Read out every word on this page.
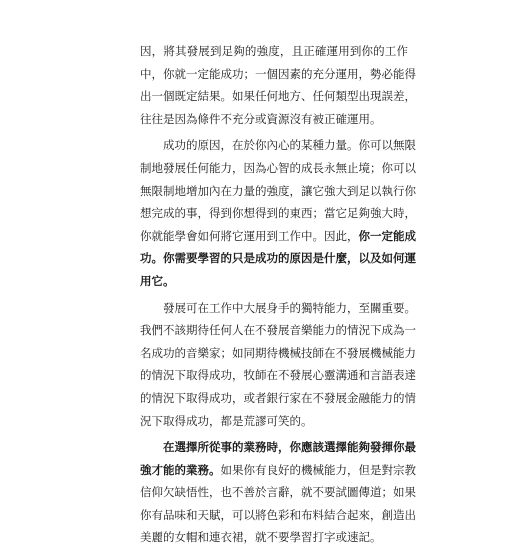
因，將其發展到足夠的強度，且正確運用到你的工作
中，你就一定能成功；一個因素的充分運用，勢必能得
出一個既定結果。如果任何地方、任何類型出現誤差，
往往是因為條件不充分或資源沒有被正確運用。
成功的原因，在於你內心的某種力量。你可以無限
制地發展任何能力，因為心智的成長永無止境；你可以
無限制地增加內在力量的強度，讓它強大到足以執行你
想完成的事，得到你想得到的東西；當它足夠強大時，
你就能學會如何將它運用到工作中。因此，你一定能成
功。你需要學習的只是成功的原因是什麼，以及如何運
用它。
發展可在工作中大展身手的獨特能力，至關重要。
我們不該期待任何人在不發展音樂能力的情況下成為一
名成功的音樂家；如同期待機械技師在不發展機械能力
的情況下取得成功，牧師在不發展心靈溝通和言語表達
的情況下取得成功，或者銀行家在不發展金融能力的情
況下取得成功，都是荒謬可笑的。
在選擇所從事的業務時，你應該選擇能夠發揮你最
強才能的業務。如果你有良好的機械能力，但是對宗教
信仰欠缺悟性，也不善於言辭，就不要試圖傳道；如果
你有品味和天賦，可以將色彩和布料結合起來，創造出
美麗的女帽和連衣裙，就不要學習打字或速記。
